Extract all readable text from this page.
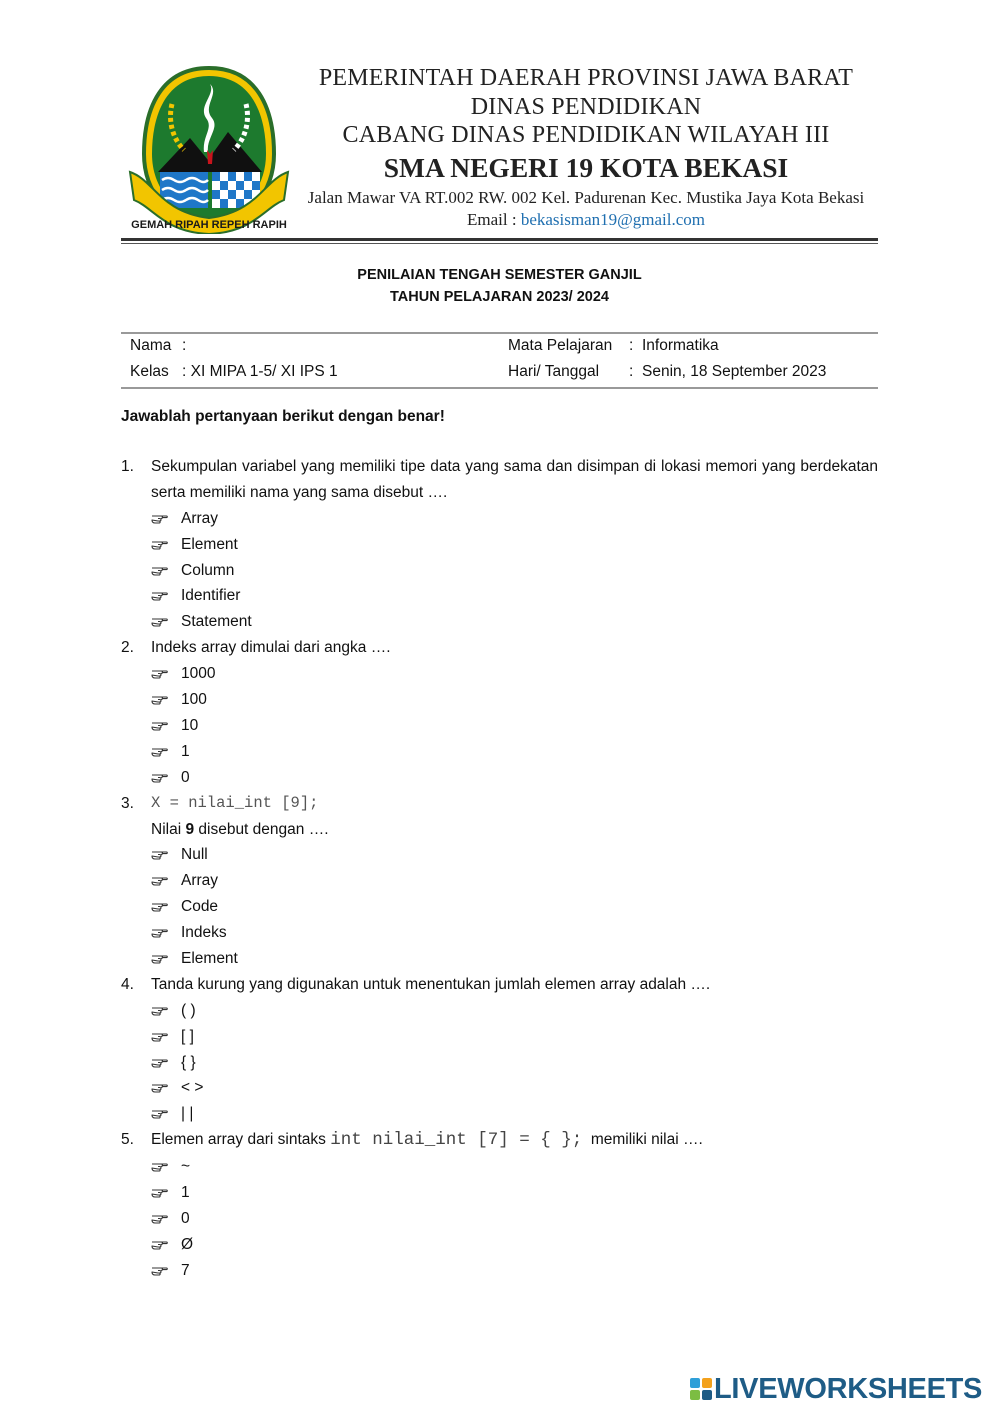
GEMAH RIPAH REPEH RAPIH
PEMERINTAH DAERAH PROVINSI JAWA BARAT
DINAS PENDIDIKAN
CABANG DINAS PENDIDIKAN WILAYAH III
SMA NEGERI 19 KOTA BEKASI
Jalan Mawar VA RT.002 RW. 002 Kel. Padurenan Kec. Mustika Jaya Kota Bekasi
Email : bekasisman19@gmail.com
PENILAIAN TENGAH SEMESTER GANJIL
TAHUN PELAJARAN 2023/ 2024
Nama :
Kelas : XI MIPA 1-5/ XI IPS 1
Mata Pelajaran : Informatika
Hari/ Tanggal : Senin, 18 September 2023
Jawablah pertanyaan berikut dengan benar!
1. Sekumpulan variabel yang memiliki tipe data yang sama dan disimpan di lokasi memori yang berdekatan serta memiliki nama yang sama disebut ….
Array
Element
Column
Identifier
Statement
2. Indeks array dimulai dari angka ….
1000
100
10
1
0
3. X = nilai_int [9];
Nilai 9 disebut dengan ….
Null
Array
Code
Indeks
Element
4. Tanda kurung yang digunakan untuk menentukan jumlah elemen array adalah ….
( )
[ ]
{ }
< >
| |
5. Elemen array dari sintaks int nilai_int [7] = { };  memiliki nilai ….
~
1
0
Ø
7
LIVEWORKSHEETS
